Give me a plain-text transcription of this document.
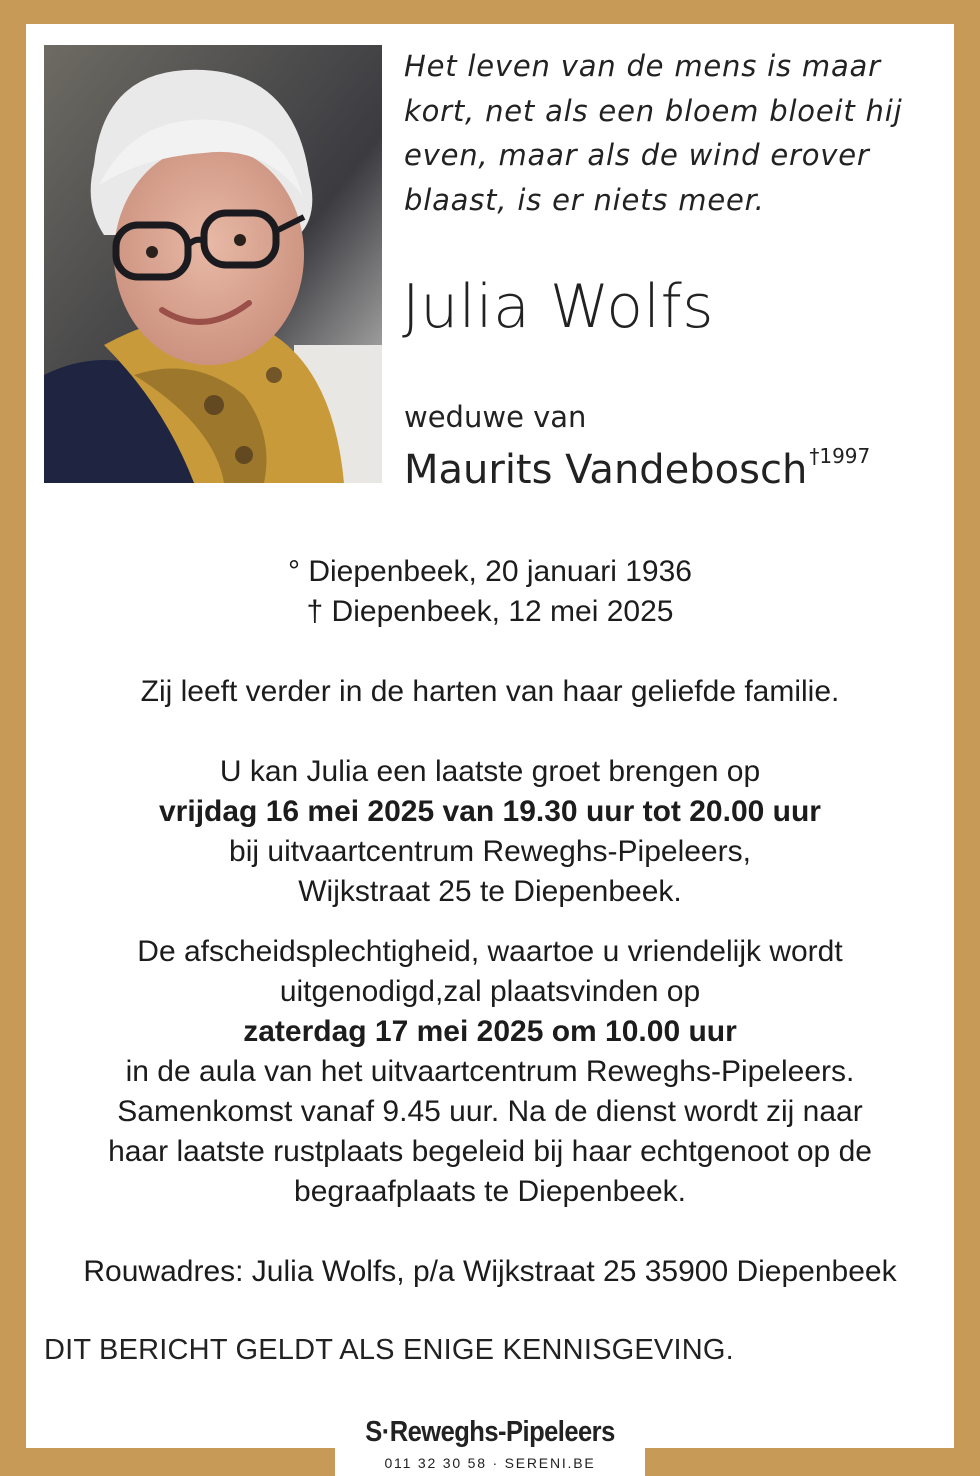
Het leven van de mens is maar
kort, net als een bloem bloeit hij
even, maar als de wind erover
blaast, is er niets meer.
Julia Wolfs
weduwe van
Maurits Vandebosch $^{\dagger 1997}$
° Diepenbeek, 20 januari 1936
† Diepenbeek, 12 mei 2025
Zij leeft verder in de harten van haar geliefde familie.
U kan Julia een laatste groet brengen op
vrijdag 16 mei 2025 van 19.30 uur tot 20.00 uur
bij uitvaartcentrum Reweghs-Pipeleers,
Wijkstraat 25 te Diepenbeek.
De afscheidsplechtigheid, waartoe u vriendelijk wordt
uitgenodigd,zal plaatsvinden op
zaterdag 17 mei 2025 om 10.00 uur
in de aula van het uitvaartcentrum Reweghs-Pipeleers.
Samenkomst vanaf 9.45 uur. Na de dienst wordt zij naar
haar laatste rustplaats begeleid bij haar echtgenoot op de
begraafplaats te Diepenbeek.
Rouwadres: Julia Wolfs, p/a Wijkstraat 25 35900 Diepenbeek
DIT BERICHT GELDT ALS ENIGE KENNISGEVING.
S·Reweghs-Pipeleers
011 32 30 58 · SERENI.BE
